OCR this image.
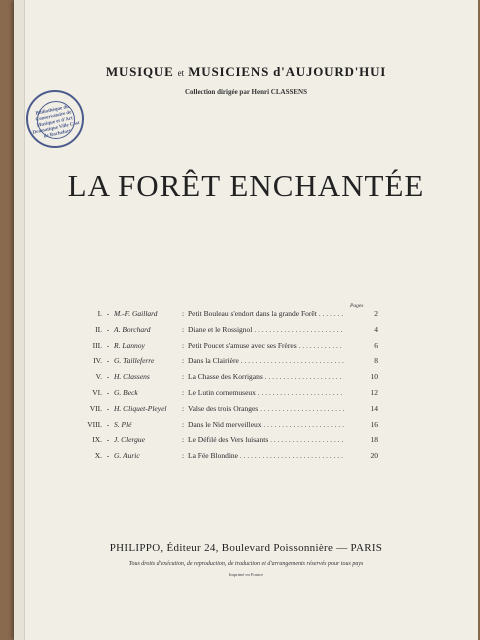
MUSIQUE et MUSICIENS d'AUJOURD'HUI
Collection dirigée par Henri CLASSENS
Bibliothèque du Conservatoire de Musique et d'Art Dramatique Ville Cost de Rochefort
LA FORÊT ENCHANTÉE
Pages
I. - M.-F. Gaillard	: Petit Bouleau s'endort dans la grande Forêt . . .	2
II. - A. Borchard	: Diane et le Rossignol . . .	4
III. - R. Lannoy	: Petit Poucet s'amuse avec ses Frères . . .	6
IV. - G. Tailleferre	: Dans la Clairière . . .	8
V. - H. Classens	: La Chasse des Korrigans . . .	10
VI. - G. Beck	: Le Lutin cornemuseux . . .	12
VII. - H. Cliquet-Pleyel	: Valse des trois Oranges . . .	14
VIII. - S. Plé	: Dans le Nid merveilleux . . .	16
IX. - J. Clergue	: Le Défilé des Vers luisants . . .	18
X. - G. Auric	: La Fée Blondine . . .	20
PHILIPPO, Éditeur 24, Boulevard Poissonnière — PARIS
Tous droits d'exécution, de reproduction, de traduction et d'arrangements réservés pour tous pays
Imprimé en France
